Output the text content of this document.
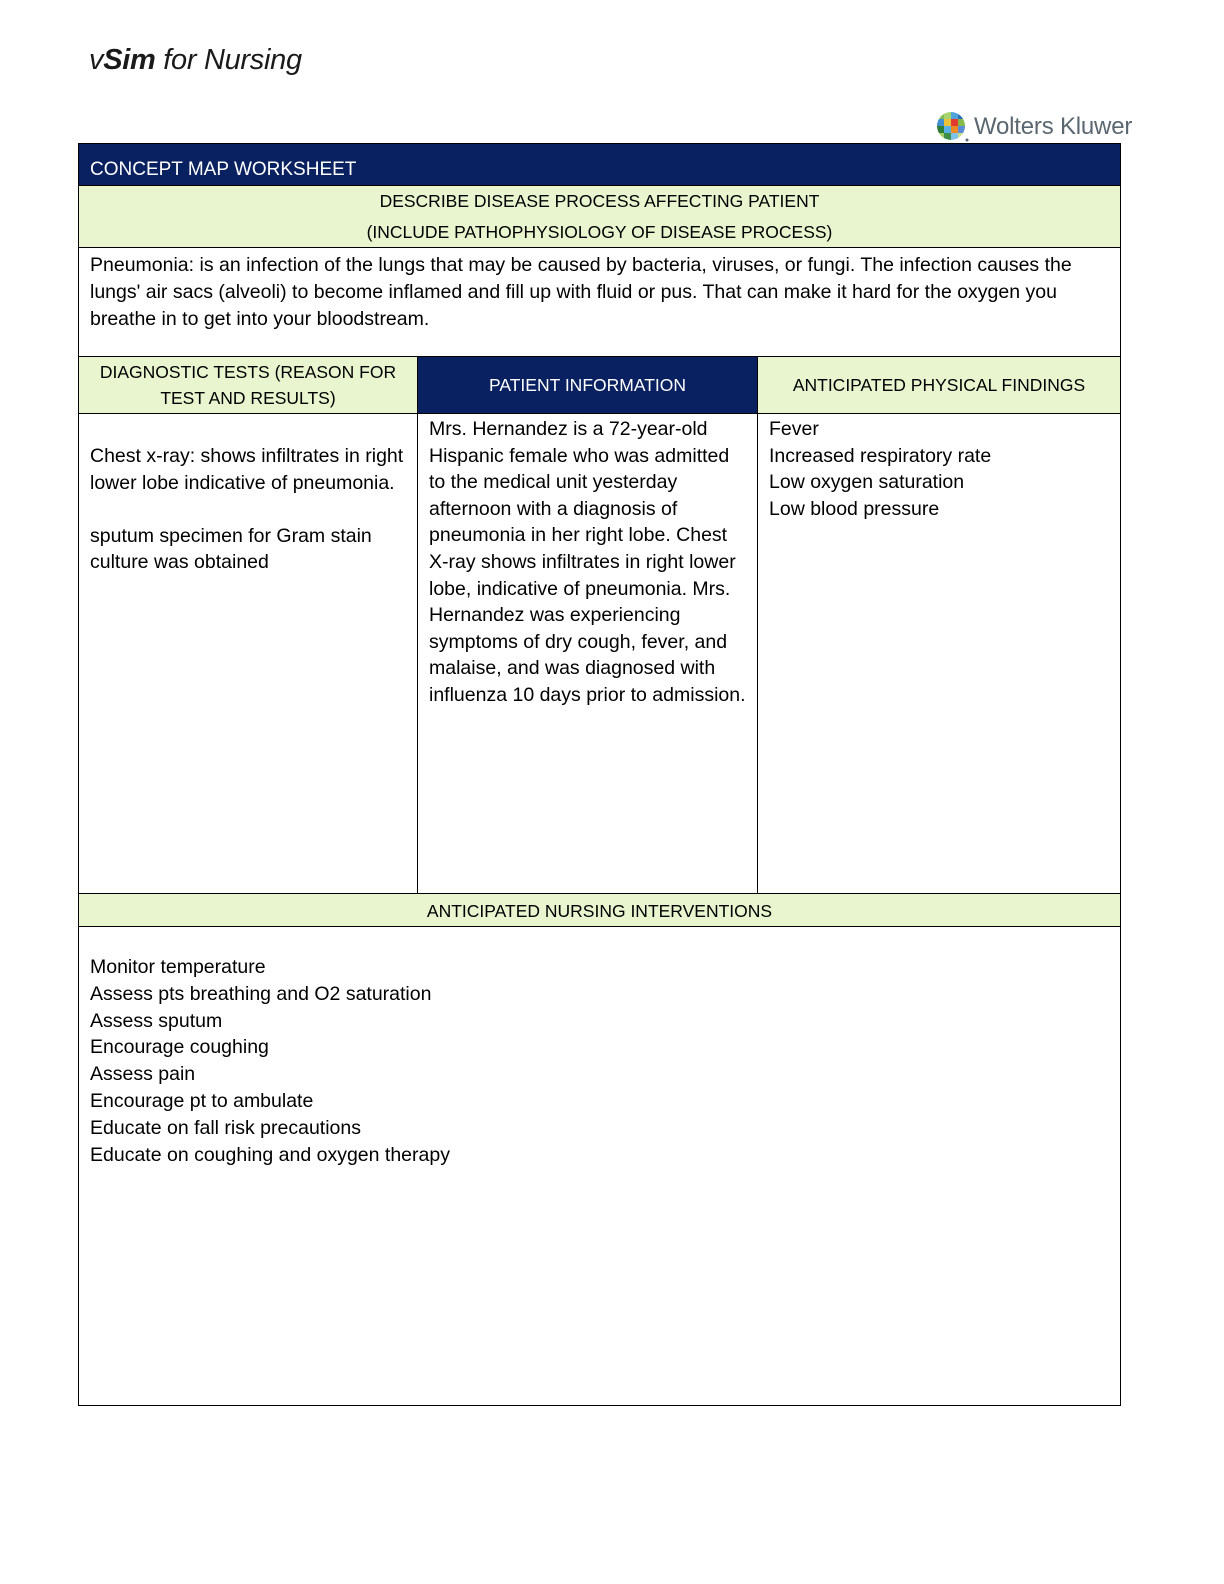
vSim for Nursing
Wolters Kluwer
CONCEPT MAP WORKSHEET
DESCRIBE DISEASE PROCESS AFFECTING PATIENT
(INCLUDE PATHOPHYSIOLOGY OF DISEASE PROCESS)
Pneumonia: is an infection of the lungs that may be caused by bacteria, viruses, or fungi. The infection causes the lungs' air sacs (alveoli) to become inflamed and fill up with fluid or pus. That can make it hard for the oxygen you breathe in to get into your bloodstream.
DIAGNOSTIC TESTS (REASON FOR TEST AND RESULTS)
PATIENT INFORMATION	ANTICIPATED PHYSICAL FINDINGS
Chest x-ray: shows infiltrates in right lower lobe indicative of pneumonia.
sputum specimen for Gram stain culture was obtained
Mrs. Hernandez is a 72-year-old Hispanic female who was admitted to the medical unit yesterday afternoon with a diagnosis of pneumonia in her right lobe. Chest X-ray shows infiltrates in right lower lobe, indicative of pneumonia. Mrs. Hernandez was experiencing symptoms of dry cough, fever, and malaise, and was diagnosed with influenza 10 days prior to admission.
Fever
Increased respiratory rate
Low oxygen saturation
Low blood pressure
ANTICIPATED NURSING INTERVENTIONS
Monitor temperature
Assess pts breathing and O2 saturation
Assess sputum
Encourage coughing
Assess pain
Encourage pt to ambulate
Educate on fall risk precautions
Educate on coughing and oxygen therapy
